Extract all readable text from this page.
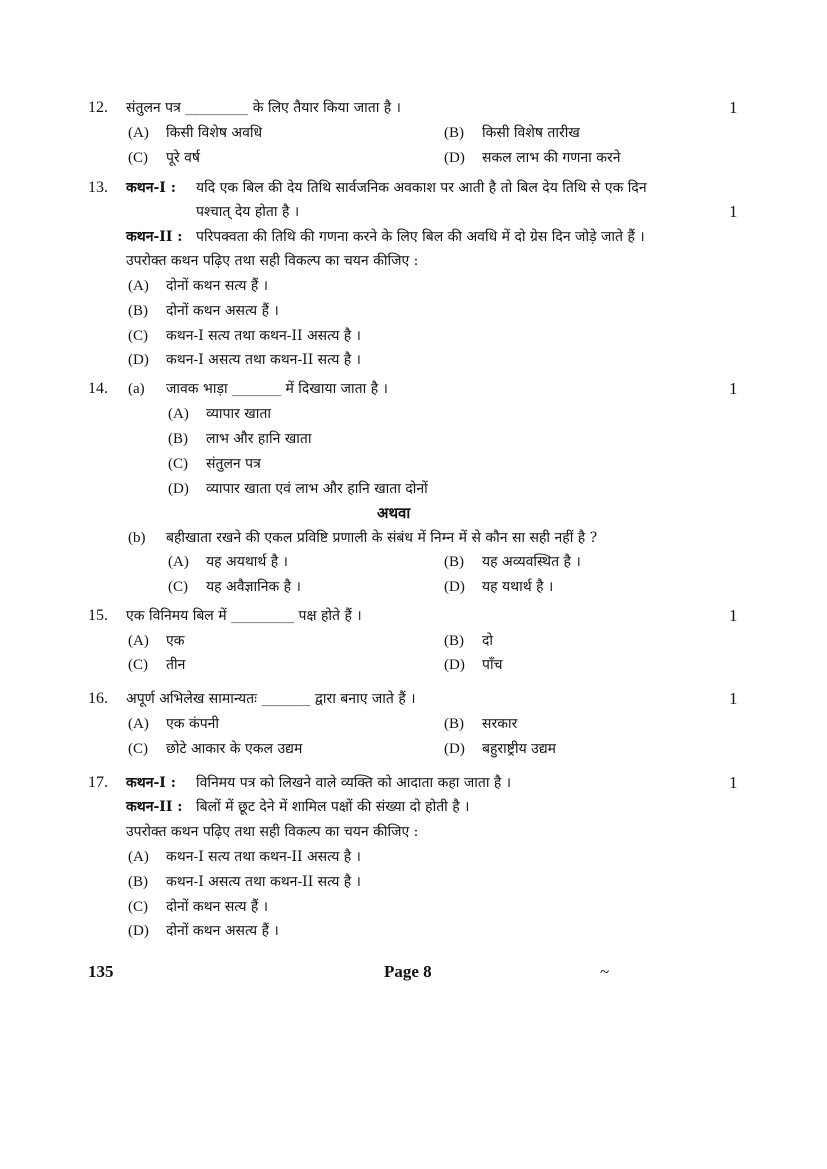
12. संतुलन पत्र _________ के लिए तैयार किया जाता है ।	1
(A) किसी विशेष अवधि	(B) किसी विशेष तारीख
(C) पूरे वर्ष	(D) सकल लाभ की गणना करने
13. कथन-I : यदि एक बिल की देय तिथि सार्वजनिक अवकाश पर आती है तो बिल देय तिथि से एक दिन
पश्चात् देय होता है ।	1
कथन-II : परिपक्वता की तिथि की गणना करने के लिए बिल की अवधि में दो ग्रेस दिन जोड़े जाते हैं ।
उपरोक्त कथन पढ़िए तथा सही विकल्प का चयन कीजिए :
(A) दोनों कथन सत्य हैं ।
(B) दोनों कथन असत्य हैं ।
(C) कथन-I सत्य तथा कथन-II असत्य है ।
(D) कथन-I असत्य तथा कथन-II सत्य है ।
14. (a) जावक भाड़ा _______ में दिखाया जाता है ।	1
(A) व्यापार खाता
(B) लाभ और हानि खाता
(C) संतुलन पत्र
(D) व्यापार खाता एवं लाभ और हानि खाता दोनों
अथवा
(b) बहीखाता रखने की एकल प्रविष्टि प्रणाली के संबंध में निम्न में से कौन सा सही नहीं है ?
(A) यह अयथार्थ है ।	(B) यह अव्यवस्थित है ।
(C) यह अवैज्ञानिक है ।	(D) यह यथार्थ है ।
15. एक विनिमय बिल में _________ पक्ष होते हैं ।	1
(A) एक	(B) दो
(C) तीन	(D) पाँच
16. अपूर्ण अभिलेख सामान्यतः _______ द्वारा बनाए जाते हैं ।	1
(A) एक कंपनी	(B) सरकार
(C) छोटे आकार के एकल उद्यम	(D) बहुराष्ट्रीय उद्यम
17. कथन-I : विनिमय पत्र को लिखने वाले व्यक्ति को आदाता कहा जाता है ।	1
कथन-II : बिलों में छूट देने में शामिल पक्षों की संख्या दो होती है ।
उपरोक्त कथन पढ़िए तथा सही विकल्प का चयन कीजिए :
(A) कथन-I सत्य तथा कथन-II असत्य है ।
(B) कथन-I असत्य तथा कथन-II सत्य है ।
(C) दोनों कथन सत्य हैं ।
(D) दोनों कथन असत्य हैं ।
135	Page 8	~
